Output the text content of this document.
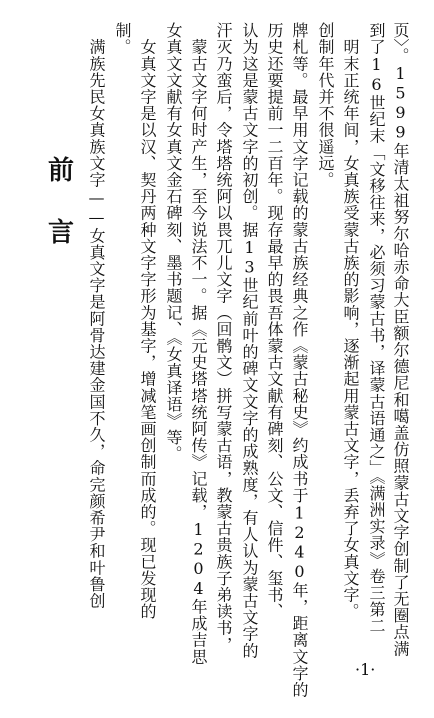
前
言	页〉。1599年清太祖努尔哈赤命大臣额尔德尼和噶盖仿照蒙古文字创制了无圈点满
到了16世纪末「文移往来，必须习蒙古书，译蒙古语通之」《满洲实录》卷三第二
　明末正统年间，女真族受蒙古族的影响，逐渐起用蒙古文字，丢弃了女真文字。
创制年代并不很遥远。
牌札等。最早用文字记载的蒙古族经典之作《蒙古秘史》约成书于1240年，距离文字的
历史还要提前一二百年。现存最早的畏吾体蒙古文献有碑刻、公文、信件、玺书、
认为这是蒙古文字的初创。据13世纪前叶的碑文文字的成熟度，有人认为蒙古文字的
汗灭乃蛮后，令塔塔统阿以畏兀儿文字（回鹘文）拼写蒙古语，教蒙古贵族子弟读书，
　蒙古文字何时产生，至今说法不一。据《元史塔塔统阿传》记载，1204年成吉思
女真文文献有女真文金石碑刻、墨书题记、《女真译语》等。
　女真文字是以汉、契丹两种文字字形为基字，增减笔画创制而成的。现已发现的
制。
　满族先民女真族文字——女真文字是阿骨达建金国不久，命完颜希尹和叶鲁创
·1·
